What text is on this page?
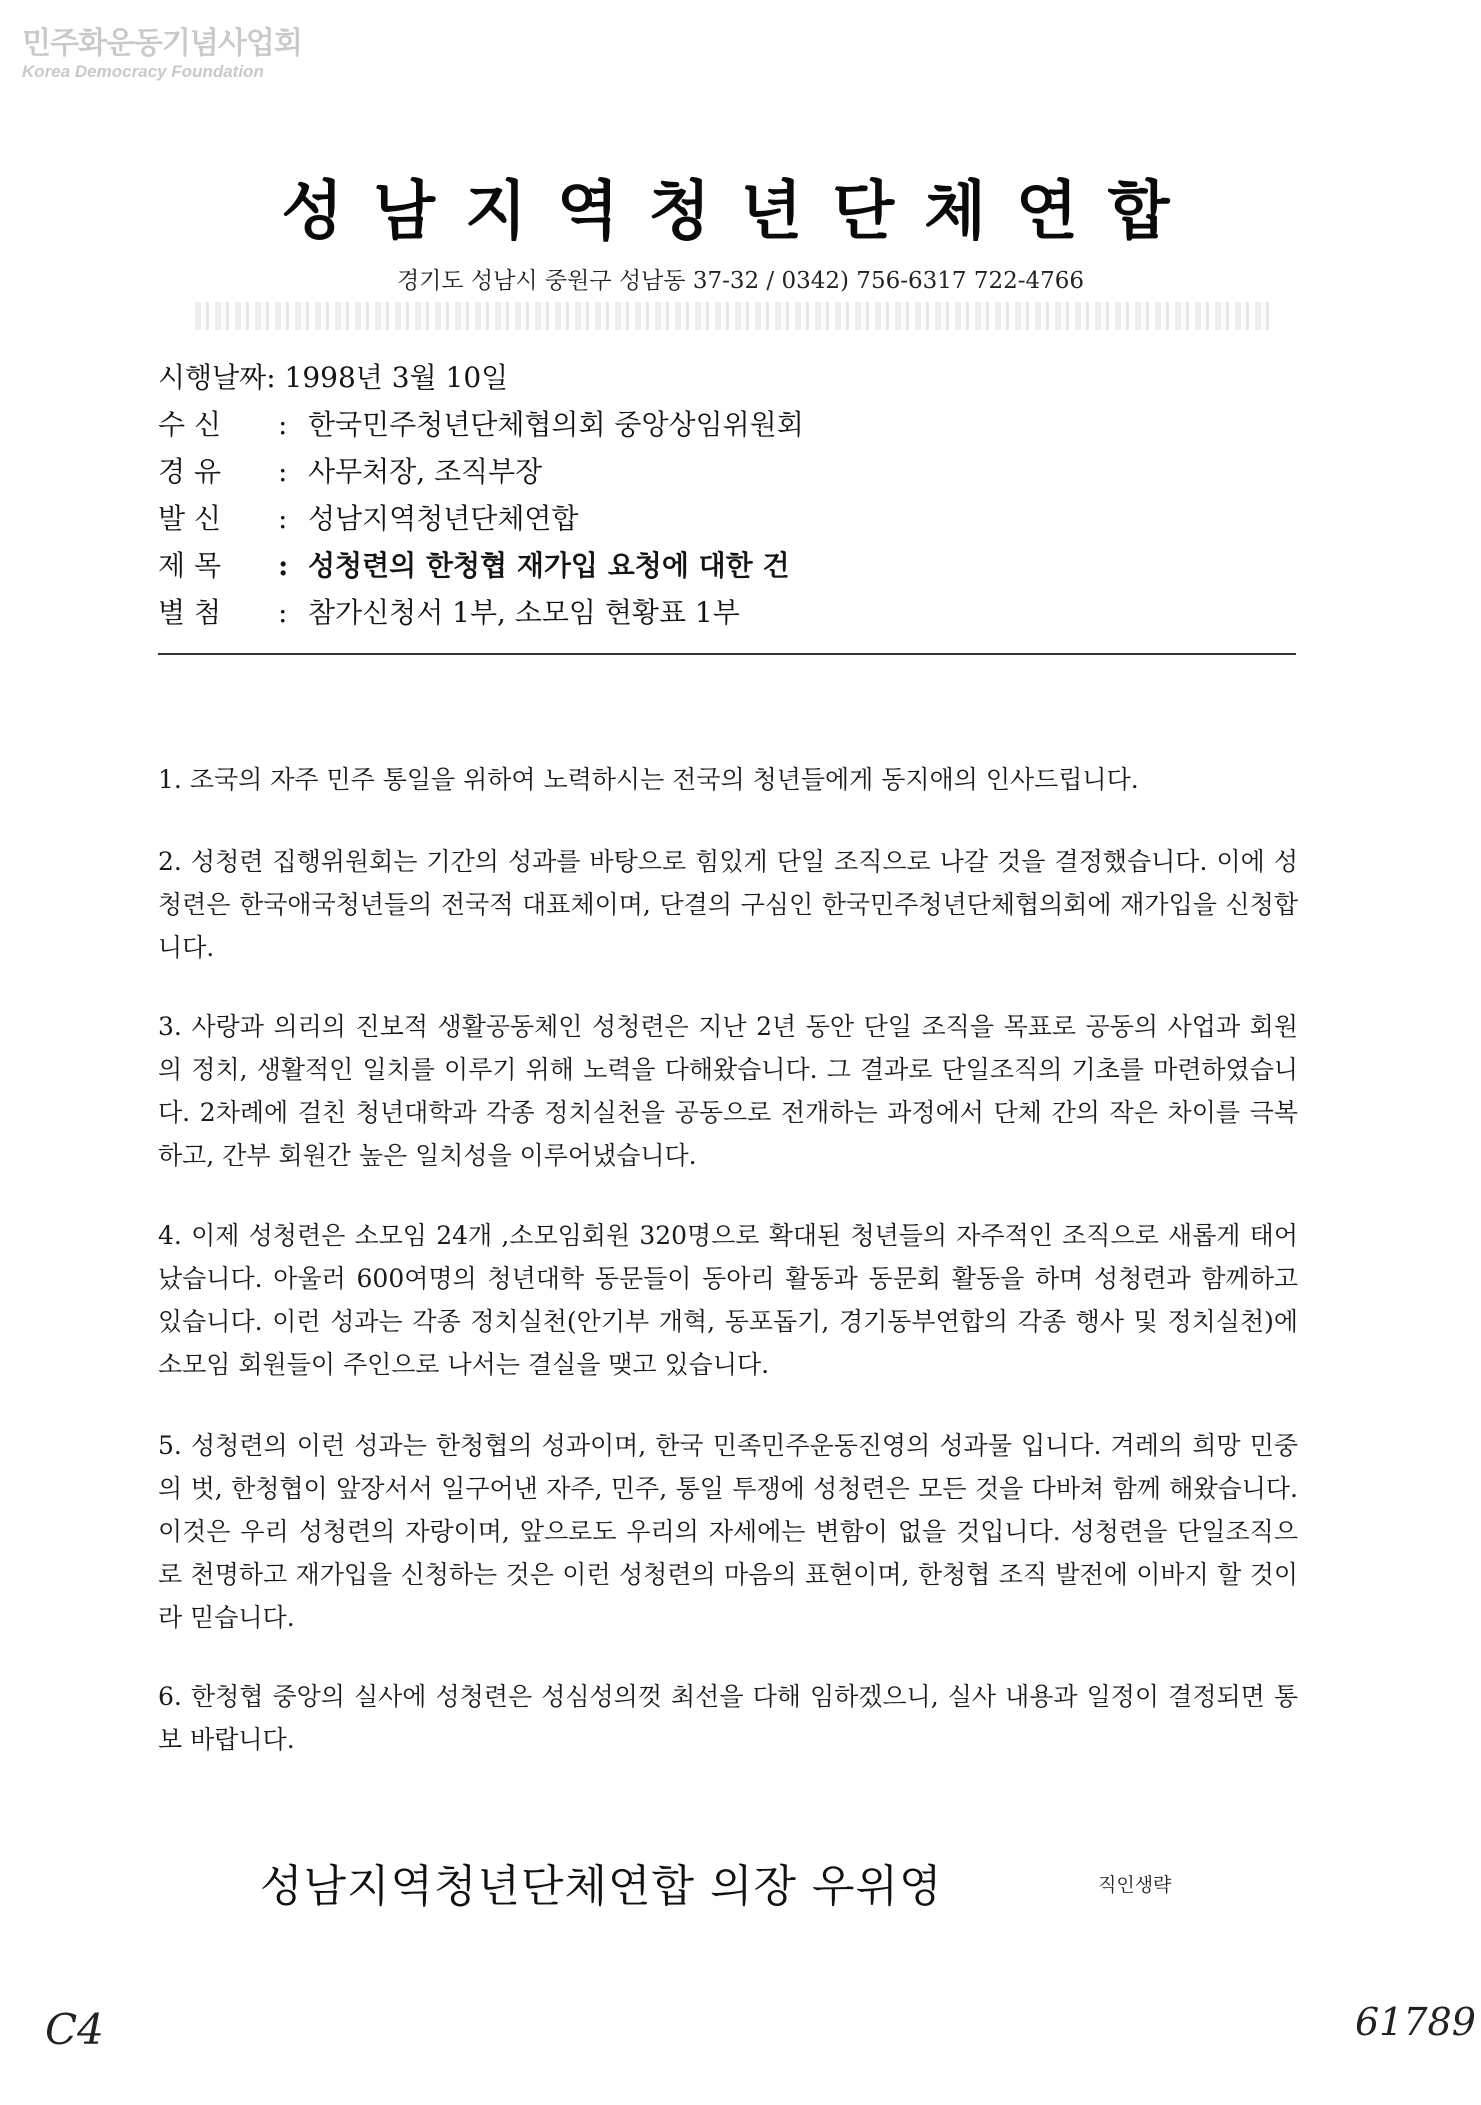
민주화운동기념사업회
Korea Democracy Foundation
성남지역청년단체연합
경기도 성남시 중원구 성남동 37-32 / 0342) 756-6317 722-4766
시행날짜: 1998년 3월 10일
수 신 : 한국민주청년단체협의회 중앙상임위원회
경 유 : 사무처장, 조직부장
발 신 : 성남지역청년단체연합
제 목 : 성청련의 한청협 재가입 요청에 대한 건
별 첨 : 참가신청서 1부, 소모임 현황표 1부
1. 조국의 자주 민주 통일을 위하여 노력하시는 전국의 청년들에게 동지애의 인사드립니다.
2. 성청련 집행위원회는 기간의 성과를 바탕으로 힘있게 단일 조직으로 나갈 것을 결정했습니다. 이에 성청련은 한국애국청년들의 전국적 대표체이며, 단결의 구심인 한국민주청년단체협의회에 재가입을 신청합니다.
3. 사랑과 의리의 진보적 생활공동체인 성청련은 지난 2년 동안 단일 조직을 목표로 공동의 사업과 회원의 정치, 생활적인 일치를 이루기 위해 노력을 다해왔습니다. 그 결과로 단일조직의 기초를 마련하였습니다. 2차례에 걸친 청년대학과 각종 정치실천을 공동으로 전개하는 과정에서 단체 간의 작은 차이를 극복하고, 간부 회원간 높은 일치성을 이루어냈습니다.
4. 이제 성청련은 소모임 24개 ,소모임회원 320명으로 확대된 청년들의 자주적인 조직으로 새롭게 태어났습니다. 아울러 600여명의 청년대학 동문들이 동아리 활동과 동문회 활동을 하며 성청련과 함께하고 있습니다. 이런 성과는 각종 정치실천(안기부 개혁, 동포돕기, 경기동부연합의 각종 행사 및 정치실천)에 소모임 회원들이 주인으로 나서는 결실을 맺고 있습니다.
5. 성청련의 이런 성과는 한청협의 성과이며, 한국 민족민주운동진영의 성과물 입니다. 겨레의 희망 민중의 벗, 한청협이 앞장서서 일구어낸 자주, 민주, 통일 투쟁에 성청련은 모든 것을 다바쳐 함께 해왔습니다. 이것은 우리 성청련의 자랑이며, 앞으로도 우리의 자세에는 변함이 없을 것입니다. 성청련을 단일조직으로 천명하고 재가입을 신청하는 것은 이런 성청련의 마음의 표현이며, 한청협 조직 발전에 이바지 할 것이라 믿습니다.
6. 한청협 중앙의 실사에 성청련은 성심성의껏 최선을 다해 임하겠으니, 실사 내용과 일정이 결정되면 통보 바랍니다.
성남지역청년단체연합 의장 우위영	직인생략
C4	61789
